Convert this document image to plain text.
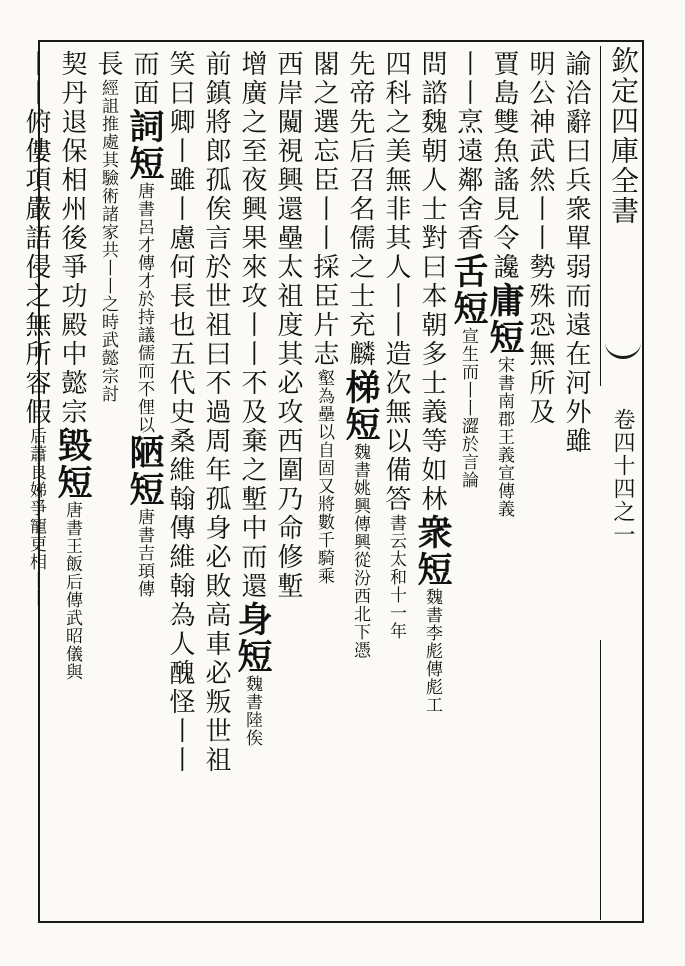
欽定四庫全書
卷四十四之一
諭洽辭曰兵衆單弱而遠在河外雖
明公神武然丨丨勢殊恐無所及
賈島雙魚謠見令讒庸短宋書南郡王義宣傳義
丨丨烹遠鄰舍香舌短宣生而丨丨澀於言論
問諮魏朝人士對曰本朝多士義等如林衆短魏書李彪傳彪工
四科之美無非其人丨丨造次無以備答書云太和十一年
先帝先后召名儒之士充麟梯短魏書姚興傳興從汾西北下憑
閣之選忘臣丨丨採臣片志壑為壘以自固又將數千騎乘
西岸闚視興還壘太祖度其必攻西圍乃命修塹
增廣之至夜興果來攻丨丨不及棄之塹中而還身短魏書陸俟
前鎮將郎孤俟言於世祖曰不過周年孤身必敗高車必叛世祖
笑曰卿丨雖丨慮何長也五代史桑維翰傳維翰為人醜怪丨丨
而面詞短唐書呂才傳才於持議儒而不俚以陋短唐書吉頊傳
長經詛推處其驗術諸家共丨丨之時武懿宗討
契丹退保相州後爭功殿中懿宗毀短唐書王飯后傳武昭儀與
丨丨俯僂項嚴語侵之無所容假后蕭良娣爭寵更相丨丨
